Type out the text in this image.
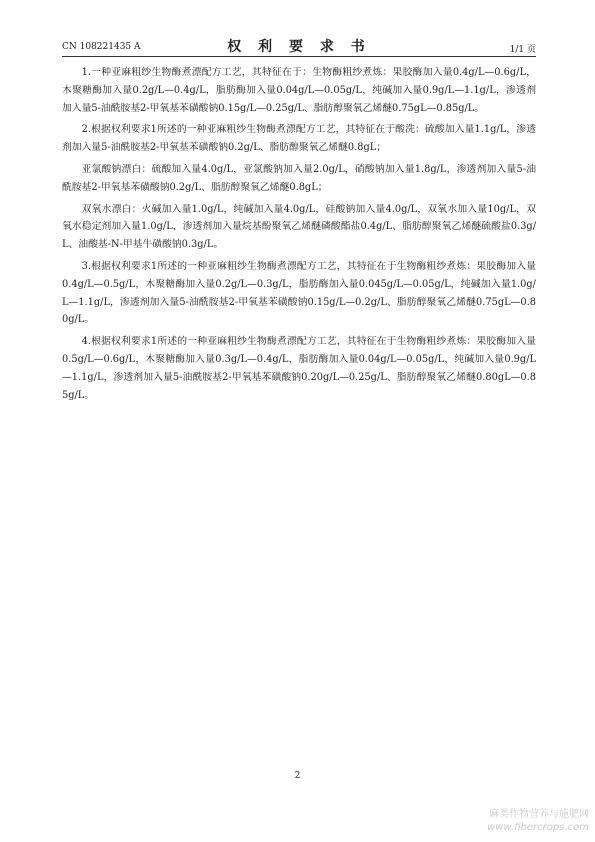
CN 108221435 A	权 利 要 求 书	1/1 页

1.一种亚麻粗纱生物酶煮漂配方工艺，其特征在于：生物酶粗纱煮炼：果胶酶加入量0.4g/L—0.6g/L，木聚糖酶加入量0.2g/L—0.4g/L，脂肪酶加入量0.04g/L—0.05g/L，纯碱加入量0.9g/L—1.1g/L，渗透剂加入量5-油酰胺基2-甲氧基苯磺酸钠0.15g/L—0.25g/L、脂肪醇聚氧乙烯醚0.75gL—0.85g/L。

2.根据权利要求1所述的一种亚麻粗纱生物酶煮漂配方工艺，其特征在于酸洗：硫酸加入量1.1g/L，渗透剂加入量5-油酰胺基2-甲氧基苯磺酸钠0.2g/L、脂肪醇聚氧乙烯醚0.8gL；

亚氯酸钠漂白：硫酸加入量4.0g/L，亚氯酸钠加入量2.0g/L，硝酸钠加入量1.8g/L，渗透剂加入量5-油酰胺基2-甲氧基苯磺酸钠0.2g/L、脂肪醇聚氧乙烯醚0.8gL；

双氧水漂白：火碱加入量1.0g/L，纯碱加入量4.0g/L，硅酸钠加入量4.0g/L，双氧水加入量10g/L，双氧水稳定剂加入量1.0g/L，渗透剂加入量烷基酚聚氧乙烯醚磷酸酯盐0.4g/L、脂肪醇聚氧乙烯醚硫酸盐0.3g/L、油酸基-N-甲基牛磺酸钠0.3g/L。

3.根据权利要求1所述的一种亚麻粗纱生物酶煮漂配方工艺，其特征在于生物酶粗纱煮炼：果胶酶加入量0.4g/L—0.5g/L，木聚糖酶加入量0.2g/L—0.3g/L，脂肪酶加入量0.045g/L—0.05g/L，纯碱加入量1.0g/L—1.1g/L，渗透剂加入量5-油酰胺基2-甲氧基苯磺酸钠0.15g/L—0.2g/L、脂肪醇聚氧乙烯醚0.75gL—0.80g/L。

4.根据权利要求1所述的一种亚麻粗纱生物酶煮漂配方工艺，其特征在于生物酶粗纱煮炼：果胶酶加入量0.5g/L—0.6g/L，木聚糖酶加入量0.3g/L—0.4g/L，脂肪酶加入量0.04g/L—0.05g/L，纯碱加入量0.9g/L—1.1g/L，渗透剂加入量5-油酰胺基2-甲氧基苯磺酸钠0.20g/L—0.25g/L、脂肪醇聚氧乙烯醚0.80gL—0.85g/L。

2
麻类作物营养与施肥网
www.fibercrops.com
